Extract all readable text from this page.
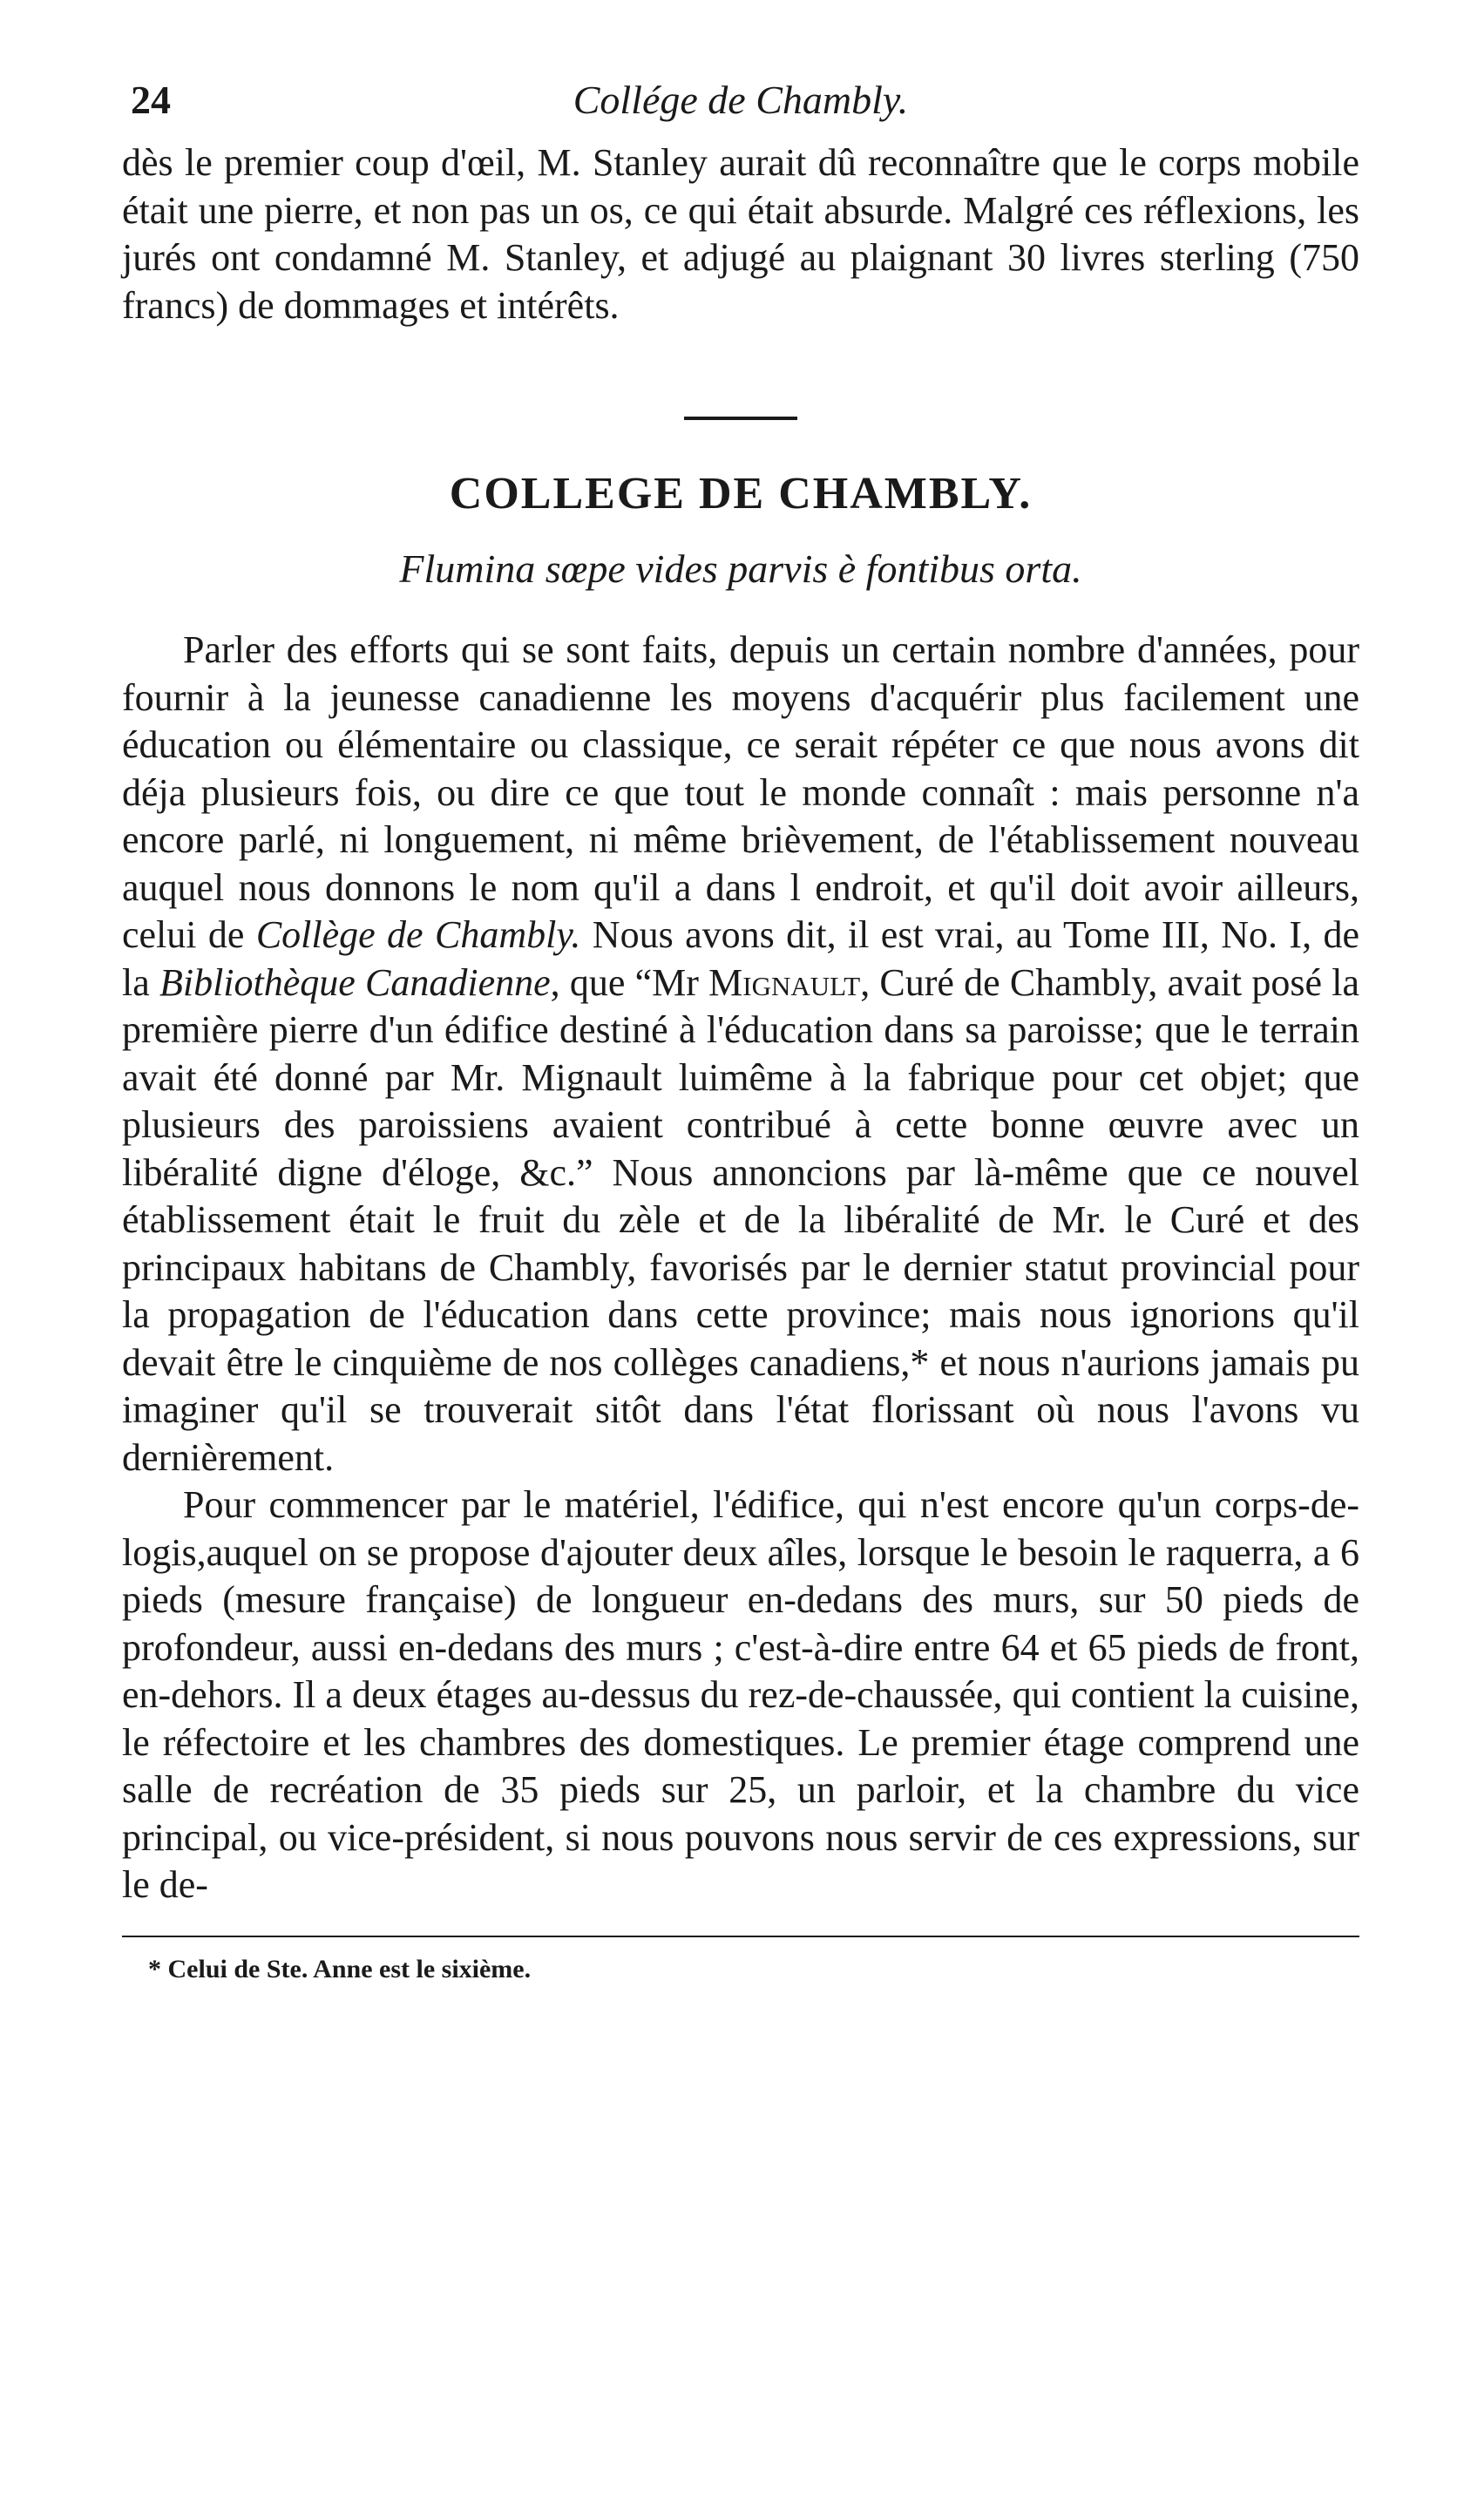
24	Collége de Chambly.

dès le premier coup d'œil, M. Stanley aurait dû reconnaître que le corps mobile était une pierre, et non pas un os, ce qui était absurde. Malgré ces réflexions, les jurés ont condamné M. Stanley, et adjugé au plaignant 30 livres sterling (750 francs) de dommages et intérêts.

COLLEGE DE CHAMBLY.

Flumina sœpe vides parvis è fontibus orta.

Parler des efforts qui se sont faits, depuis un certain nombre d'années, pour fournir à la jeunesse canadienne les moyens d'acquérir plus facilement une éducation ou élémentaire ou classique, ce serait répéter ce que nous avons dit déja plusieurs fois, ou dire ce que tout le monde connaît : mais personne n'a encore parlé, ni longuement, ni même brièvement, de l'établissement nouveau auquel nous donnons le nom qu'il a dans l endroit, et qu'il doit avoir ailleurs, celui de Collège de Chambly. Nous avons dit, il est vrai, au Tome III, No. I, de la Bibliothèque Canadienne, que “Mr Mignault, Curé de Chambly, avait posé la première pierre d'un édifice destiné à l'éducation dans sa paroisse; que le terrain avait été donné par Mr. Mignault luimême à la fabrique pour cet objet; que plusieurs des paroissiens avaient contribué à cette bonne œuvre avec un libéralité digne d'éloge, &c.” Nous annoncions par là-même que ce nouvel établissement était le fruit du zèle et de la libéralité de Mr. le Curé et des principaux habitans de Chambly, favorisés par le dernier statut provincial pour la propagation de l'éducation dans cette province; mais nous ignorions qu'il devait être le cinquième de nos collèges canadiens,* et nous n'aurions jamais pu imaginer qu'il se trouverait sitôt dans l'état florissant où nous l'avons vu dernièrement.

Pour commencer par le matériel, l'édifice, qui n'est encore qu'un corps-de-logis,auquel on se propose d'ajouter deux aîles, lorsque le besoin le raquerra, a 6 pieds (mesure française) de longueur en-dedans des murs, sur 50 pieds de profondeur, aussi en-dedans des murs ; c'est-à-dire entre 64 et 65 pieds de front, en-dehors. Il a deux étages au-dessus du rez-de-chaussée, qui contient la cuisine, le réfectoire et les chambres des domestiques. Le premier étage comprend une salle de recréation de 35 pieds sur 25, un parloir, et la chambre du vice principal, ou vice-président, si nous pouvons nous servir de ces expressions, sur le de-

* Celui de Ste. Anne est le sixième.
